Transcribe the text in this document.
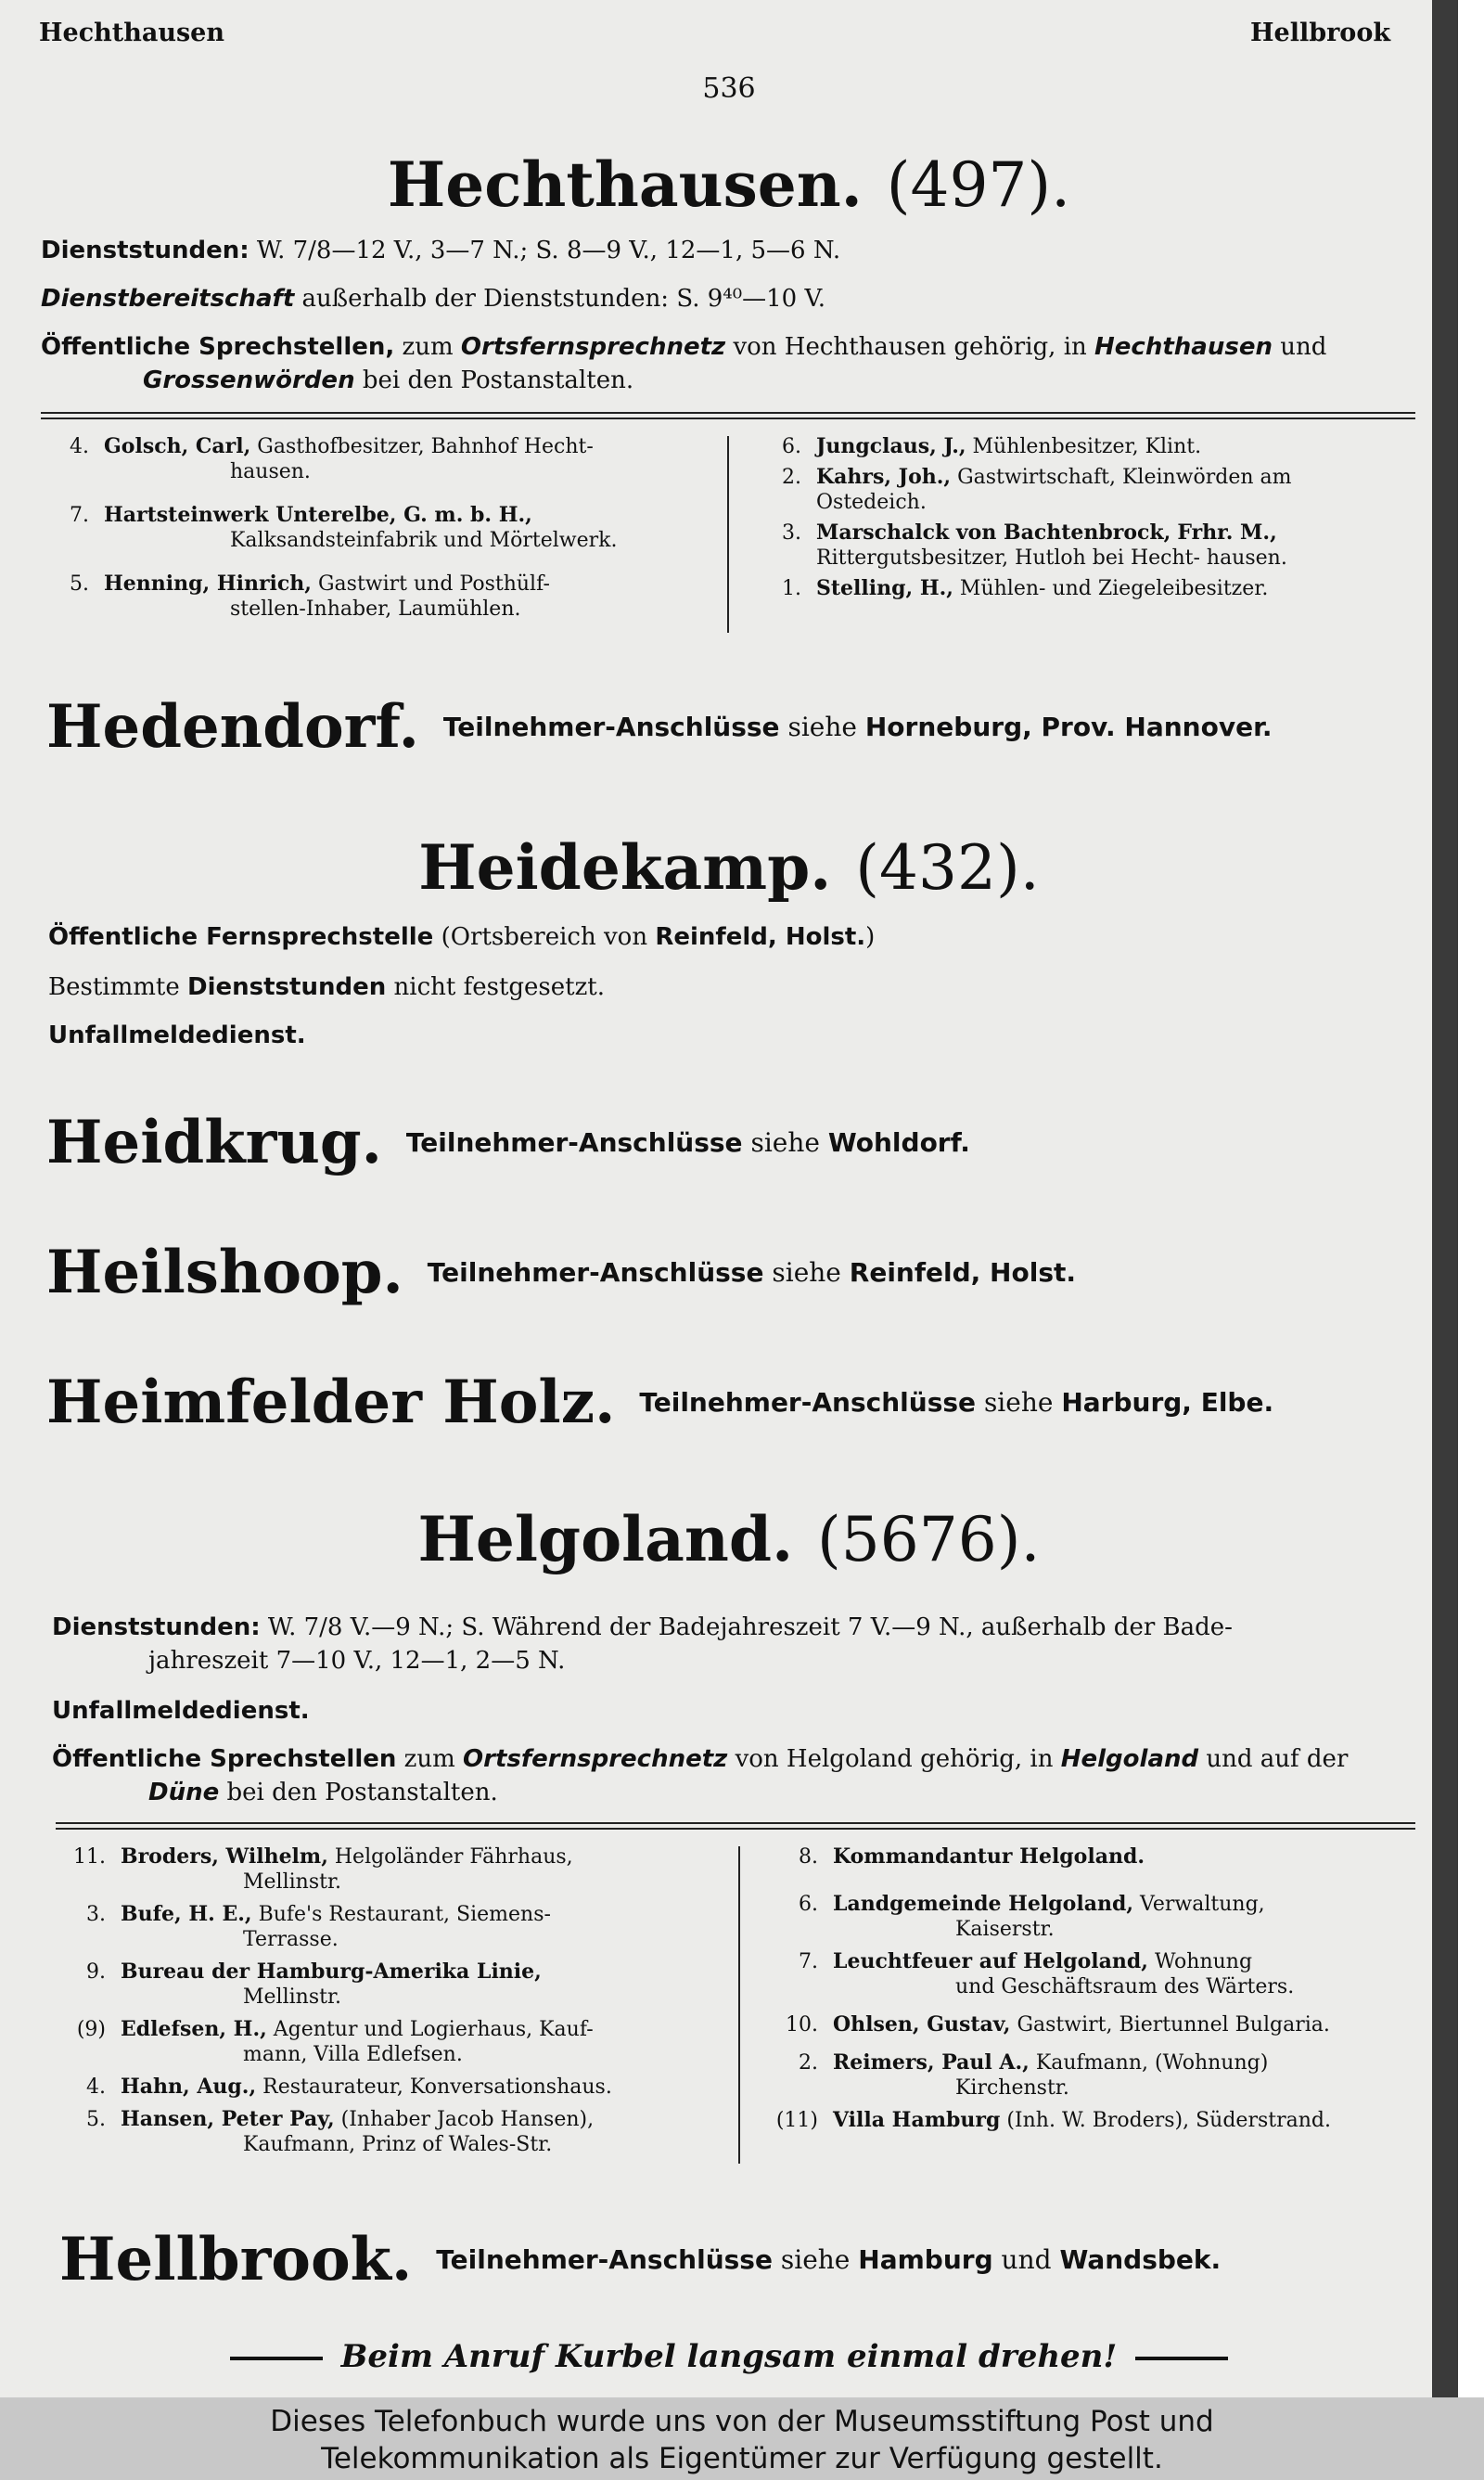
Hechthausen	Hellbrook
536
Hechthausen. (497).
Dienststunden: W. 7/8—12 V., 3—7 N.; S. 8—9 V., 12—1, 5—6 N.
Dienstbereitschaft außerhalb der Dienststunden: S. 9⁴⁰—10 V.
Öffentliche Sprechstellen, zum Ortsfernsprechnetz von Hechthausen gehörig, in Hechthausen und
Grossenwörden bei den Postanstalten.
4. Golsch, Carl, Gasthofbesitzer, Bahnhof Hecht-
hausen.
7. Hartsteinwerk Unterelbe, G. m. b. H.,
Kalksandsteinfabrik und Mörtelwerk.
5. Henning, Hinrich, Gastwirt und Posthülf-
stellen-Inhaber, Laumühlen.
6. Jungclaus, J., Mühlenbesitzer, Klint.
2. Kahrs, Joh., Gastwirtschaft, Kleinwörden am
Ostedeich.
3. Marschalck von Bachtenbrock, Frhr. M.,
Rittergutsbesitzer, Hutloh bei Hecht- hausen.
1. Stelling, H., Mühlen- und Ziegeleibesitzer.
Hedendorf. Teilnehmer-Anschlüsse siehe Horneburg, Prov. Hannover.
Heidekamp. (432).
Öffentliche Fernsprechstelle (Ortsbereich von Reinfeld, Holst.)
Bestimmte Dienststunden nicht festgesetzt.
Unfallmeldedienst.
Heidkrug. Teilnehmer-Anschlüsse siehe Wohldorf.
Heilshoop. Teilnehmer-Anschlüsse siehe Reinfeld, Holst.
Heimfelder Holz. Teilnehmer-Anschlüsse siehe Harburg, Elbe.
Helgoland. (5676).
Dienststunden: W. 7/8 V.—9 N.; S. Während der Badejahreszeit 7 V.—9 N., außerhalb der Bade-
jahreszeit 7—10 V., 12—1, 2—5 N.
Unfallmeldedienst.
Öffentliche Sprechstellen zum Ortsfernsprechnetz von Helgoland gehörig, in Helgoland und auf der
Düne bei den Postanstalten.
11. Broders, Wilhelm, Helgoländer Fährhaus,
Mellinstr.
3. Bufe, H. E., Bufe's Restaurant, Siemens-
Terrasse.
9. Bureau der Hamburg-Amerika Linie,
Mellinstr.
(9) Edlefsen, H., Agentur und Logierhaus, Kauf-
mann, Villa Edlefsen.
4. Hahn, Aug., Restaurateur, Konversationshaus.
5. Hansen, Peter Pay, (Inhaber Jacob Hansen),
Kaufmann, Prinz of Wales-Str.
8. Kommandantur Helgoland.
6. Landgemeinde Helgoland, Verwaltung,
Kaiserstr.
7. Leuchtfeuer auf Helgoland, Wohnung
und Geschäftsraum des Wärters.
10. Ohlsen, Gustav, Gastwirt, Biertunnel Bulgaria.
2. Reimers, Paul A., Kaufmann, (Wohnung)
Kirchenstr.
(11) Villa Hamburg (Inh. W. Broders), Süderstrand.
Hellbrook. Teilnehmer-Anschlüsse siehe Hamburg und Wandsbek.
Beim Anruf Kurbel langsam einmal drehen!
Dieses Telefonbuch wurde uns von der Museumsstiftung Post und
Telekommunikation als Eigentümer zur Verfügung gestellt.
